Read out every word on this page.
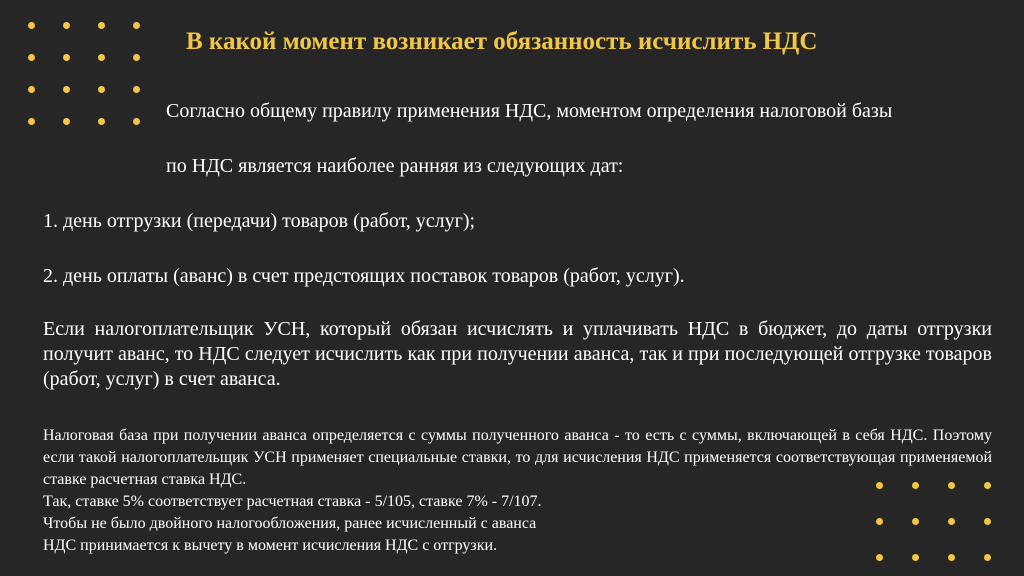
В какой момент возникает обязанность исчислить НДС
Согласно общему правилу применения НДС, моментом определения налоговой базы
по НДС является наиболее ранняя из следующих дат:
1. день отгрузки (передачи) товаров (работ, услуг);
2. день оплаты (аванс) в счет предстоящих поставок товаров (работ, услуг).
Если налогоплательщик УСН, который обязан исчислять и уплачивать НДС в бюджет, до даты отгрузки получит аванс, то НДС следует исчислить как при получении аванса, так и при последующей отгрузке товаров (работ, услуг) в счет аванса.
Налоговая база при получении аванса определяется с суммы полученного аванса - то есть с суммы, включающей в себя НДС. Поэтому если такой налогоплательщик УСН применяет специальные ставки, то для исчисления НДС применяется соответствующая применяемой ставке расчетная ставка НДС.
Так, ставке 5% соответствует расчетная ставка - 5/105, ставке 7% - 7/107.
Чтобы не было двойного налогообложения, ранее исчисленный с аванса
НДС принимается к вычету в момент исчисления НДС с отгрузки.
